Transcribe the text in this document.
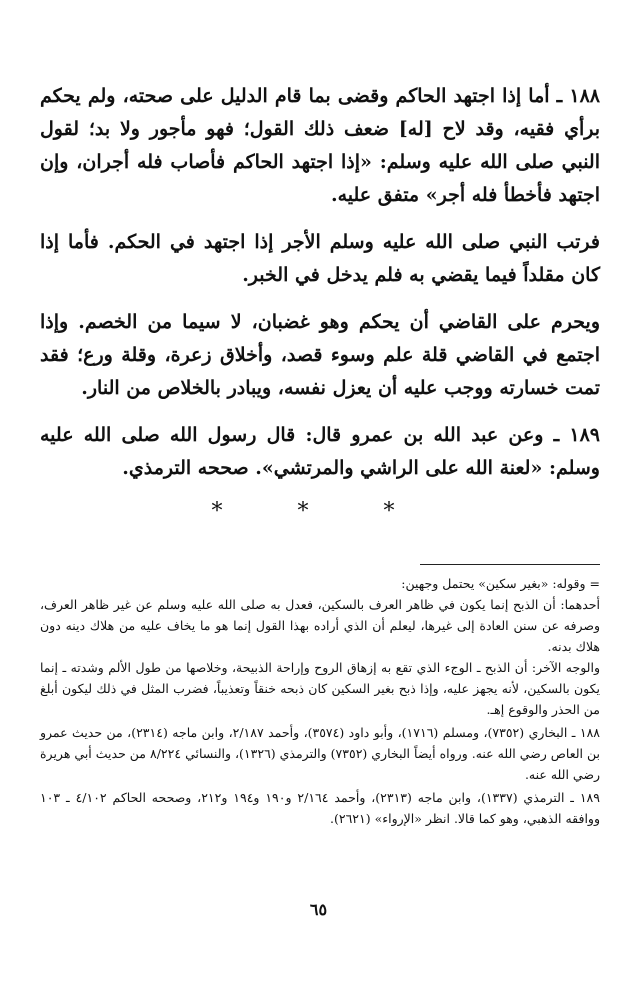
١٨٨ ـ أما إذا اجتهد الحاكم وقضى بما قام الدليل على صحته، ولم يحكم برأي فقيه، وقد لاح [له] ضعف ذلك القول؛ فهو مأجور ولا بد؛ لقول النبي صلى الله عليه وسلم: «إذا اجتهد الحاكم فأصاب فله أجران، وإن اجتهد فأخطأ فله أجر» متفق عليه.

فرتب النبي صلى الله عليه وسلم الأجر إذا اجتهد في الحكم. فأما إذا كان مقلداً فيما يقضي به فلم يدخل في الخبر.

ويحرم على القاضي أن يحكم وهو غضبان، لا سيما من الخصم. وإذا اجتمع في القاضي قلة علم وسوء قصد، وأخلاق زعرة، وقلة ورع؛ فقد تمت خسارته ووجب عليه أن يعزل نفسه، ويبادر بالخلاص من النار.

١٨٩ ـ وعن عبد الله بن عمرو قال: قال رسول الله صلى الله عليه وسلم: «لعنة الله على الراشي والمرتشي». صححه الترمذي.

* * *

= وقوله: «بغير سكين» يحتمل وجهين:

أحدهما: أن الذبح إنما يكون في ظاهر العرف بالسكين، فعدل به صلى الله عليه وسلم عن غير ظاهر العرف، وصرفه عن سنن العادة إلى غيرها، ليعلم أن الذي أراده بهذا القول إنما هو ما يخاف عليه من هلاك دينه دون هلاك بدنه.

والوجه الآخر: أن الذبح ـ الوجء الذي تقع به إزهاق الروح وإراحة الذبيحة، وخلاصها من طول الألم وشدته ـ إنما يكون بالسكين، لأنه يجهز عليه، وإذا ذبح بغير السكين كان ذبحه خنقاً وتعذيباً، فضرب المثل في ذلك ليكون أبلغ من الحذر والوقوع إهـ.

١٨٨ ـ البخاري (٧٣٥٢)، ومسلم (١٧١٦)، وأبو داود (٣٥٧٤)، وأحمد ٢/١٨٧، وابن ماجه (٢٣١٤)، من حديث عمرو بن العاص رضي الله عنه. ورواه أيضاً البخاري (٧٣٥٢) والترمذي (١٣٢٦)، والنسائي ٨/٢٢٤ من حديث أبي هريرة رضي الله عنه.

١٨٩ ـ الترمذي (١٣٣٧)، وابن ماجه (٢٣١٣)، وأحمد ٢/١٦٤ و١٩٠ و١٩٤ و٢١٢، وصححه الحاكم ٤/١٠٢ ـ ١٠٣ ووافقه الذهبي، وهو كما قالا. انظر «الإرواء» (٢٦٢١).

٦٥
